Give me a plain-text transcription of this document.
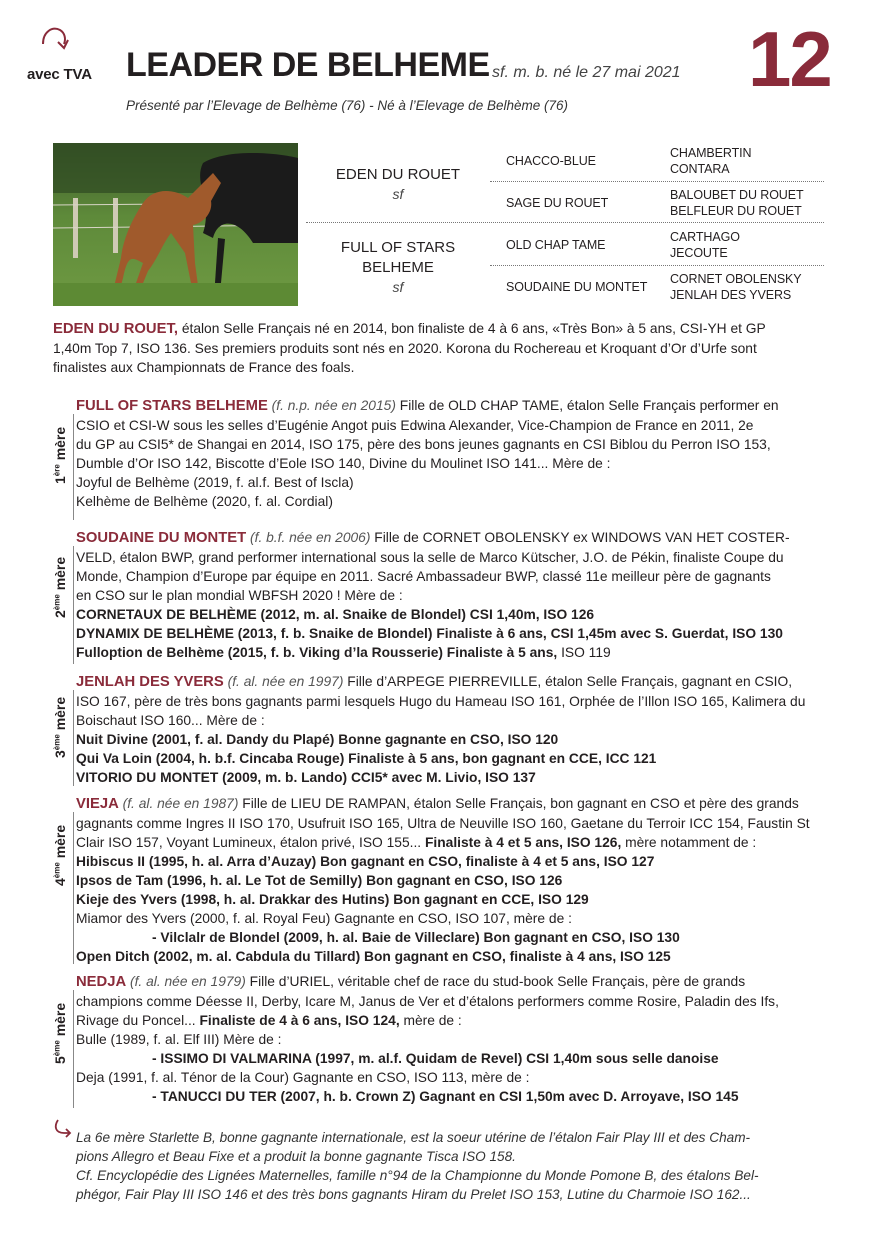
avec TVA LEADER DE BELHEME sf. m. b. né le 27 mai 2021 12
Présenté par l’Elevage de Belhème (76) - Né à l’Elevage de Belhème (76)
EDEN DU ROUET
sf
FULL OF STARS
BELHEME
sf
CHACCO-BLUE
SAGE DU ROUET
OLD CHAP TAME
SOUDAINE DU MONTET
CHAMBERTIN
CONTARA
BALOUBET DU ROUET
BELFLEUR DU ROUET
CARTHAGO
JECOUTE
CORNET OBOLENSKY
JENLAH DES YVERS
EDEN DU ROUET, étalon Selle Français né en 2014, bon finaliste de 4 à 6 ans, «Très Bon» à 5 ans, CSI-YH et GP
1,40m Top 7, ISO 136. Ses premiers produits sont nés en 2020. Korona du Rochereau et Kroquant d’Or d’Urfe sont
finalistes aux Championnats de France des foals.
1ère mère
FULL OF STARS BELHEME (f. n.p. née en 2015) Fille de OLD CHAP TAME, étalon Selle Français performer en
CSIO et CSI-W sous les selles d’Eugénie Angot puis Edwina Alexander, Vice-Champion de France en 2011, 2e
du GP au CSI5* de Shangai en 2014, ISO 175, père des bons jeunes gagnants en CSI Biblou du Perron ISO 153,
Dumble d’Or ISO 142, Biscotte d’Eole ISO 140, Divine du Moulinet ISO 141... Mère de :
Joyful de Belhème (2019, f. al.f. Best of Iscla)
Kelhème de Belhème (2020, f. al. Cordial)
2ème mère
SOUDAINE DU MONTET (f. b.f. née en 2006) Fille de CORNET OBOLENSKY ex WINDOWS VAN HET COSTER-
VELD, étalon BWP, grand performer international sous la selle de Marco Kütscher, J.O. de Pékin, finaliste Coupe du
Monde, Champion d’Europe par équipe en 2011. Sacré Ambassadeur BWP, classé 11e meilleur père de gagnants
en CSO sur le plan mondial WBFSH 2020 ! Mère de :
CORNETAUX DE BELHÈME (2012, m. al. Snaike de Blondel) CSI 1,40m, ISO 126
DYNAMIX DE BELHÈME (2013, f. b. Snaike de Blondel) Finaliste à 6 ans, CSI 1,45m avec S. Guerdat, ISO 130
Fulloption de Belhème (2015, f. b. Viking d’la Rousserie) Finaliste à 5 ans, ISO 119
3ème mère
JENLAH DES YVERS (f. al. née en 1997) Fille d’ARPEGE PIERREVILLE, étalon Selle Français, gagnant en CSIO,
ISO 167, père de très bons gagnants parmi lesquels Hugo du Hameau ISO 161, Orphée de l’Illon ISO 165, Kalimera du
Boischaut ISO 160... Mère de :
Nuit Divine (2001, f. al. Dandy du Plapé) Bonne gagnante en CSO, ISO 120
Qui Va Loin (2004, h. b.f. Cincaba Rouge) Finaliste à 5 ans, bon gagnant en CCE, ICC 121
VITORIO DU MONTET (2009, m. b. Lando) CCI5* avec M. Livio, ISO 137
4ème mère
VIEJA (f. al. née en 1987) Fille de LIEU DE RAMPAN, étalon Selle Français, bon gagnant en CSO et père des grands
gagnants comme Ingres II ISO 170, Usufruit ISO 165, Ultra de Neuville ISO 160, Gaetane du Terroir ICC 154, Faustin St
Clair ISO 157, Voyant Lumineux, étalon privé, ISO 155... Finaliste à 4 et 5 ans, ISO 126, mère notamment de :
Hibiscus II (1995, h. al. Arra d’Auzay) Bon gagnant en CSO, finaliste à 4 et 5 ans, ISO 127
Ipsos de Tam (1996, h. al. Le Tot de Semilly) Bon gagnant en CSO, ISO 126
Kieje des Yvers (1998, h. al. Drakkar des Hutins) Bon gagnant en CCE, ISO 129
Miamor des Yvers (2000, f. al. Royal Feu) Gagnante en CSO, ISO 107, mère de :
- Vilclalr de Blondel (2009, h. al. Baie de Villeclare) Bon gagnant en CSO, ISO 130
Open Ditch (2002, m. al. Cabdula du Tillard) Bon gagnant en CSO, finaliste à 4 ans, ISO 125
5ème mère
NEDJA (f. al. née en 1979) Fille d’URIEL, véritable chef de race du stud-book Selle Français, père de grands
champions comme Déesse II, Derby, Icare M, Janus de Ver et d’étalons performers comme Rosire, Paladin des Ifs,
Rivage du Poncel... Finaliste de 4 à 6 ans, ISO 124, mère de :
Bulle (1989, f. al. Elf III) Mère de :
- ISSIMO DI VALMARINA (1997, m. al.f. Quidam de Revel) CSI 1,40m sous selle danoise
Deja (1991, f. al. Ténor de la Cour) Gagnante en CSO, ISO 113, mère de :
- TANUCCI DU TER (2007, h. b. Crown Z) Gagnant en CSI 1,50m avec D. Arroyave, ISO 145
La 6e mère Starlette B, bonne gagnante internationale, est la soeur utérine de l’étalon Fair Play III et des Cham-
pions Allegro et Beau Fixe et a produit la bonne gagnante Tisca ISO 158.
Cf. Encyclopédie des Lignées Maternelles, famille n°94 de la Championne du Monde Pomone B, des étalons Bel-
phégor, Fair Play III ISO 146 et des très bons gagnants Hiram du Prelet ISO 153, Lutine du Charmoie ISO 162...
